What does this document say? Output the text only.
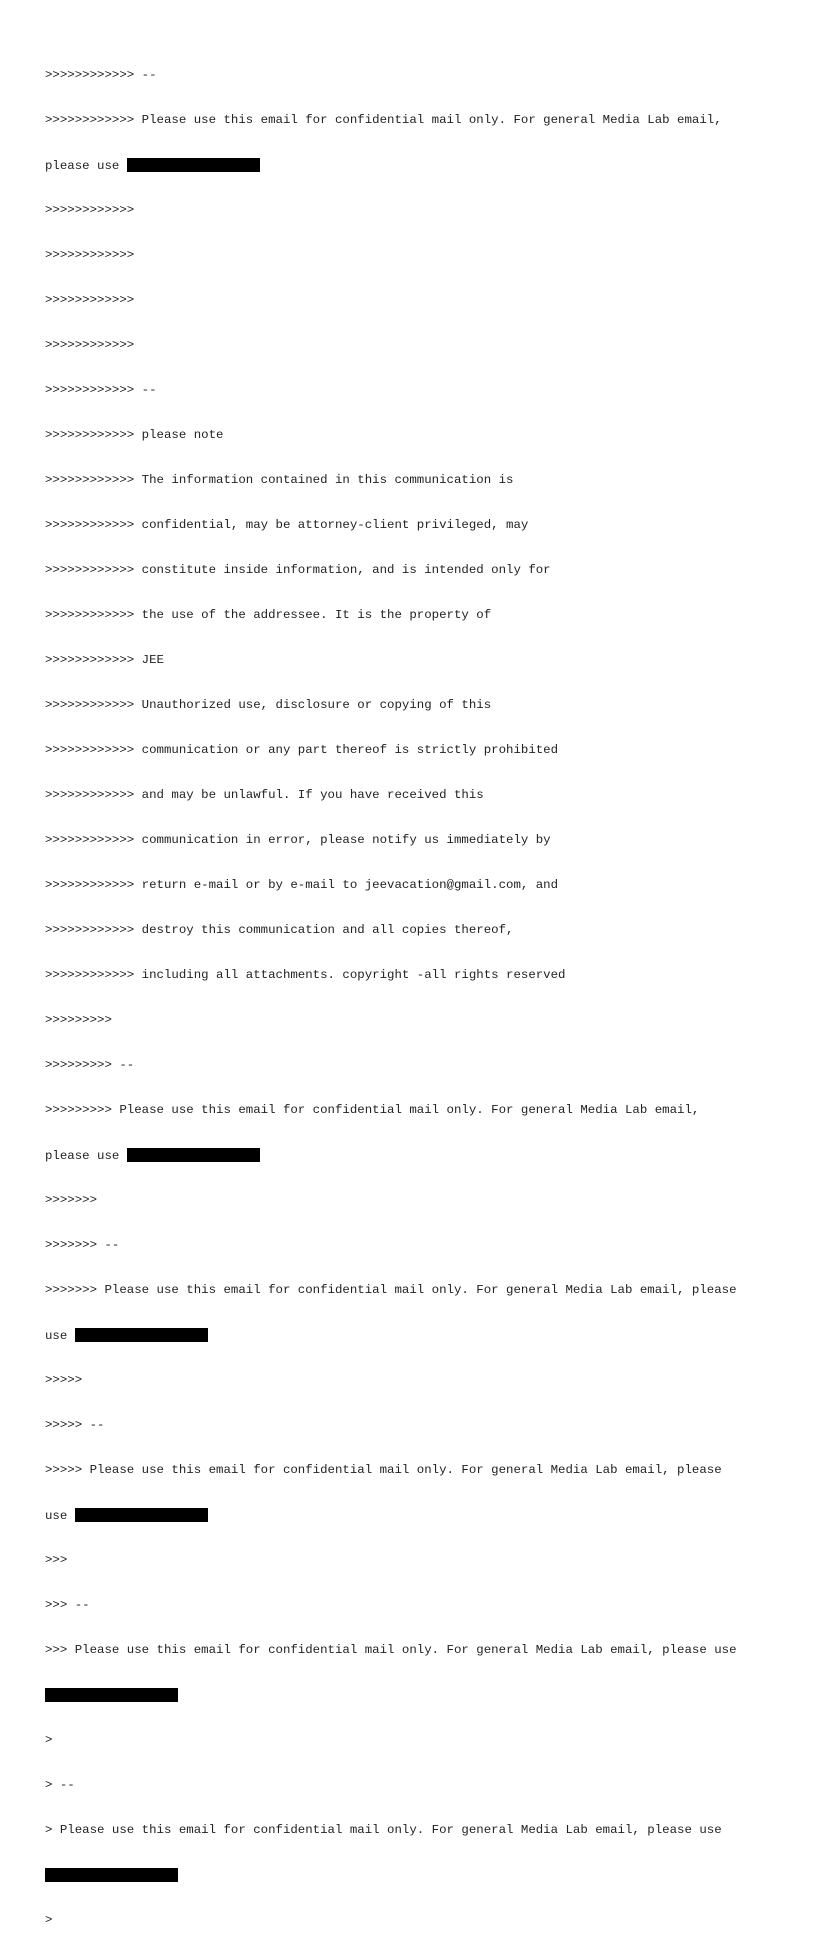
>>>>>>>>>>>> --

>>>>>>>>>>>> Please use this email for confidential mail only. For general Media Lab email,

please use

>>>>>>>>>>>>

>>>>>>>>>>>>

>>>>>>>>>>>>

>>>>>>>>>>>>

>>>>>>>>>>>> --

>>>>>>>>>>>> please note

>>>>>>>>>>>> The information contained in this communication is

>>>>>>>>>>>> confidential, may be attorney-client privileged, may

>>>>>>>>>>>> constitute inside information, and is intended only for

>>>>>>>>>>>> the use of the addressee. It is the property of

>>>>>>>>>>>> JEE

>>>>>>>>>>>> Unauthorized use, disclosure or copying of this

>>>>>>>>>>>> communication or any part thereof is strictly prohibited

>>>>>>>>>>>> and may be unlawful. If you have received this

>>>>>>>>>>>> communication in error, please notify us immediately by

>>>>>>>>>>>> return e-mail or by e-mail to jeevacation@gmail.com, and

>>>>>>>>>>>> destroy this communication and all copies thereof,

>>>>>>>>>>>> including all attachments. copyright -all rights reserved

>>>>>>>>>

>>>>>>>>> --

>>>>>>>>> Please use this email for confidential mail only. For general Media Lab email,

please use

>>>>>>>

>>>>>>> --

>>>>>>> Please use this email for confidential mail only. For general Media Lab email, please

use

>>>>>

>>>>> --

>>>>> Please use this email for confidential mail only. For general Media Lab email, please

use

>>>

>>> --

>>> Please use this email for confidential mail only. For general Media Lab email, please use

>

> --

> Please use this email for confidential mail only. For general Media Lab email, please use

>
